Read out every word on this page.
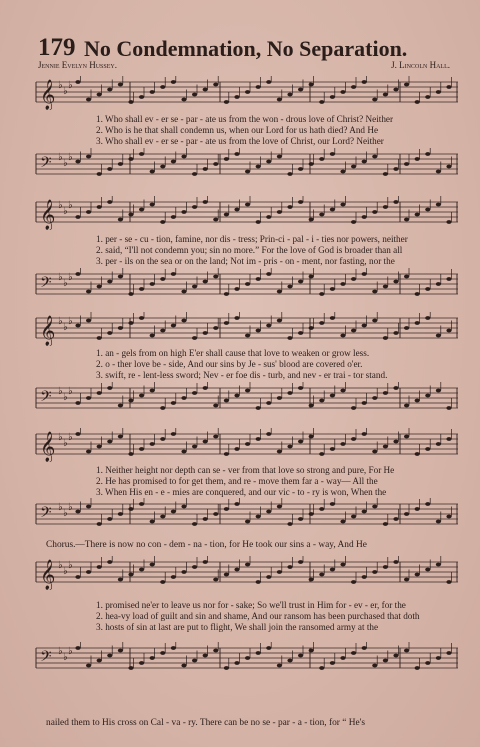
179 No Condemnation, No Separation.
Jennie Evelyn Hussey.	J. Lincoln Hall.
𝄞 ♭
♭
♭
1. Who shall ev - er se - par - ate us from the won - drous love of Christ? Neither
2. Who is he that shall condemn us, when our Lord for us hath died? And He
3. Who shall ev - er se - par - ate us from the love of Christ, our Lord? Neither
𝄢 ♭
♭
♭
𝄞 ♭
♭
♭
1. per - se - cu - tion, famine, nor dis - tress; Prin-ci - pal - i - ties nor powers, neither
2. said, “I'll not condemn you; sin no more.” For the love of God is broader than all
3. per - ils on the sea or on the land; Not im - pris - on - ment, nor fasting, nor the
𝄢 ♭
♭
♭
𝄞 ♭
♭
♭
1. an - gels from on high E'er shall cause that love to weaken or grow less.
2. o - ther love be - side, And our sins by Je - sus' blood are covered o'er.
3. swift, re - lent-less sword; Nev - er foe dis - turb, and nev - er trai - tor stand.
𝄢 ♭
♭
♭
𝄞 ♭
♭
♭
1. Neither height nor depth can se - ver from that love so strong and pure, For He
2. He has promised to for get them, and re - move them far a - way— All the
3. When His en - e - mies are conquered, and our vic - to - ry is won, When the
𝄢 ♭
♭
♭
Chorus.—There is now no con - dem - na - tion, for He took our sins a - way, And He
𝄞 ♭
♭
♭
1. promised ne'er to leave us nor for - sake; So we'll trust in Him for - ev - er, for the
2. hea-vy load of guilt and sin and shame, And our ransom has been purchased that doth
3. hosts of sin at last are put to flight, We shall join the ransomed army at the
𝄢 ♭
♭
♭
nailed them to His cross on Cal - va - ry. There can be no se - par - a - tion, for “ He's
